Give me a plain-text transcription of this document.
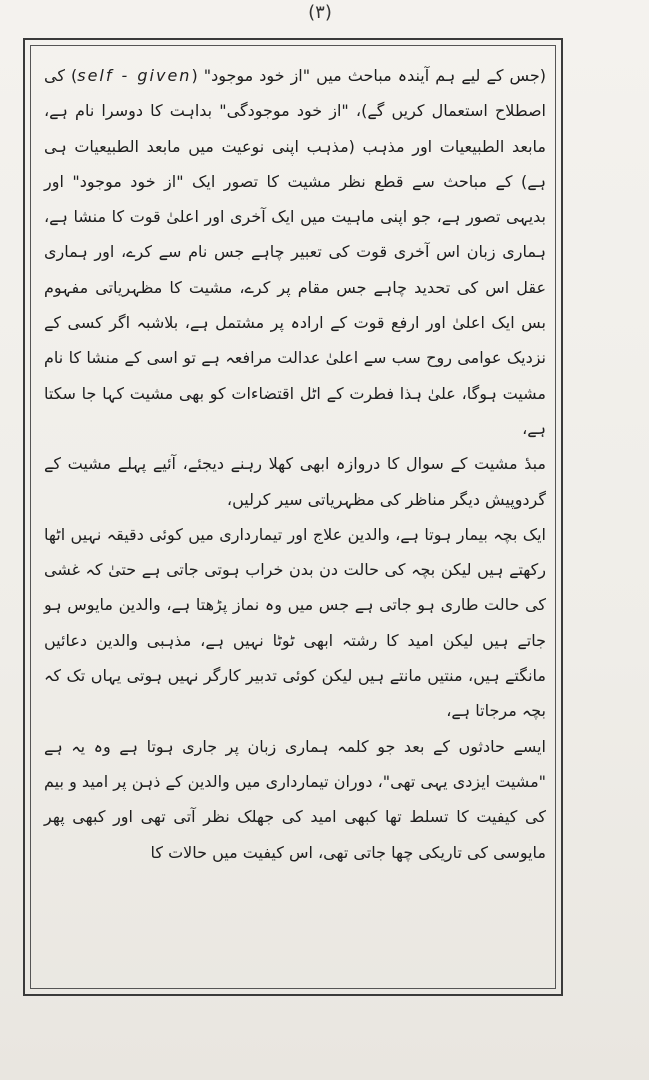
(۳)

(جس کے لیے ہم آیندہ مباحث میں "از خود موجود" (self - given) کی اصطلاح استعمال کریں گے)، "از خود موجودگی" بداہت کا دوسرا نام ہے، مابعد الطبیعیات اور مذہب (مذہب اپنی نوعیت میں مابعد الطبیعیات ہی ہے) کے مباحث سے قطع نظر مشیت کا تصور ایک "از خود موجود" اور بدیہی تصور ہے، جو اپنی ماہیت میں ایک آخری اور اعلیٰ قوت کا منشا ہے، ہماری زبان اس آخری قوت کی تعبیر چاہے جس نام سے کرے، اور ہماری عقل اس کی تحدید چاہے جس مقام پر کرے، مشیت کا مظہریاتی مفہوم بس ایک اعلیٰ اور ارفع قوت کے ارادہ پر مشتمل ہے، بلاشبہ اگر کسی کے نزدیک عوامی روح سب سے اعلیٰ عدالت مرافعہ ہے تو اسی کے منشا کا نام مشیت ہوگا، علیٰ ہذا فطرت کے اٹل اقتضاءات کو بھی مشیت کہا جا سکتا ہے،

مبدٔ مشیت کے سوال کا دروازہ ابھی کھلا رہنے دیجئے، آئیے پہلے مشیت کے گردوپیش دیگر مناظر کی مظہریاتی سیر کرلیں،

ایک بچہ بیمار ہوتا ہے، والدین علاج اور تیمارداری میں کوئی دقیقہ نہیں اٹھا رکھتے ہیں لیکن بچہ کی حالت دن بدن خراب ہوتی جاتی ہے حتیٰ کہ غشی کی حالت طاری ہو جاتی ہے جس میں وہ نماز پڑھتا ہے، والدین مایوس ہو جاتے ہیں لیکن امید کا رشتہ ابھی ٹوٹا نہیں ہے، مذہبی والدین دعائیں مانگتے ہیں، منتیں مانتے ہیں لیکن کوئی تدبیر کارگر نہیں ہوتی یہاں تک کہ بچہ مرجاتا ہے،

ایسے حادثوں کے بعد جو کلمہ ہماری زبان پر جاری ہوتا ہے وہ یہ ہے "مشیت ایزدی یہی تھی"، دوران تیمارداری میں والدین کے ذہن پر امید و بیم کی کیفیت کا تسلط تھا کبھی امید کی جھلک نظر آتی تھی اور کبھی پھر مایوسی کی تاریکی چھا جاتی تھی، اس کیفیت میں حالات کا
